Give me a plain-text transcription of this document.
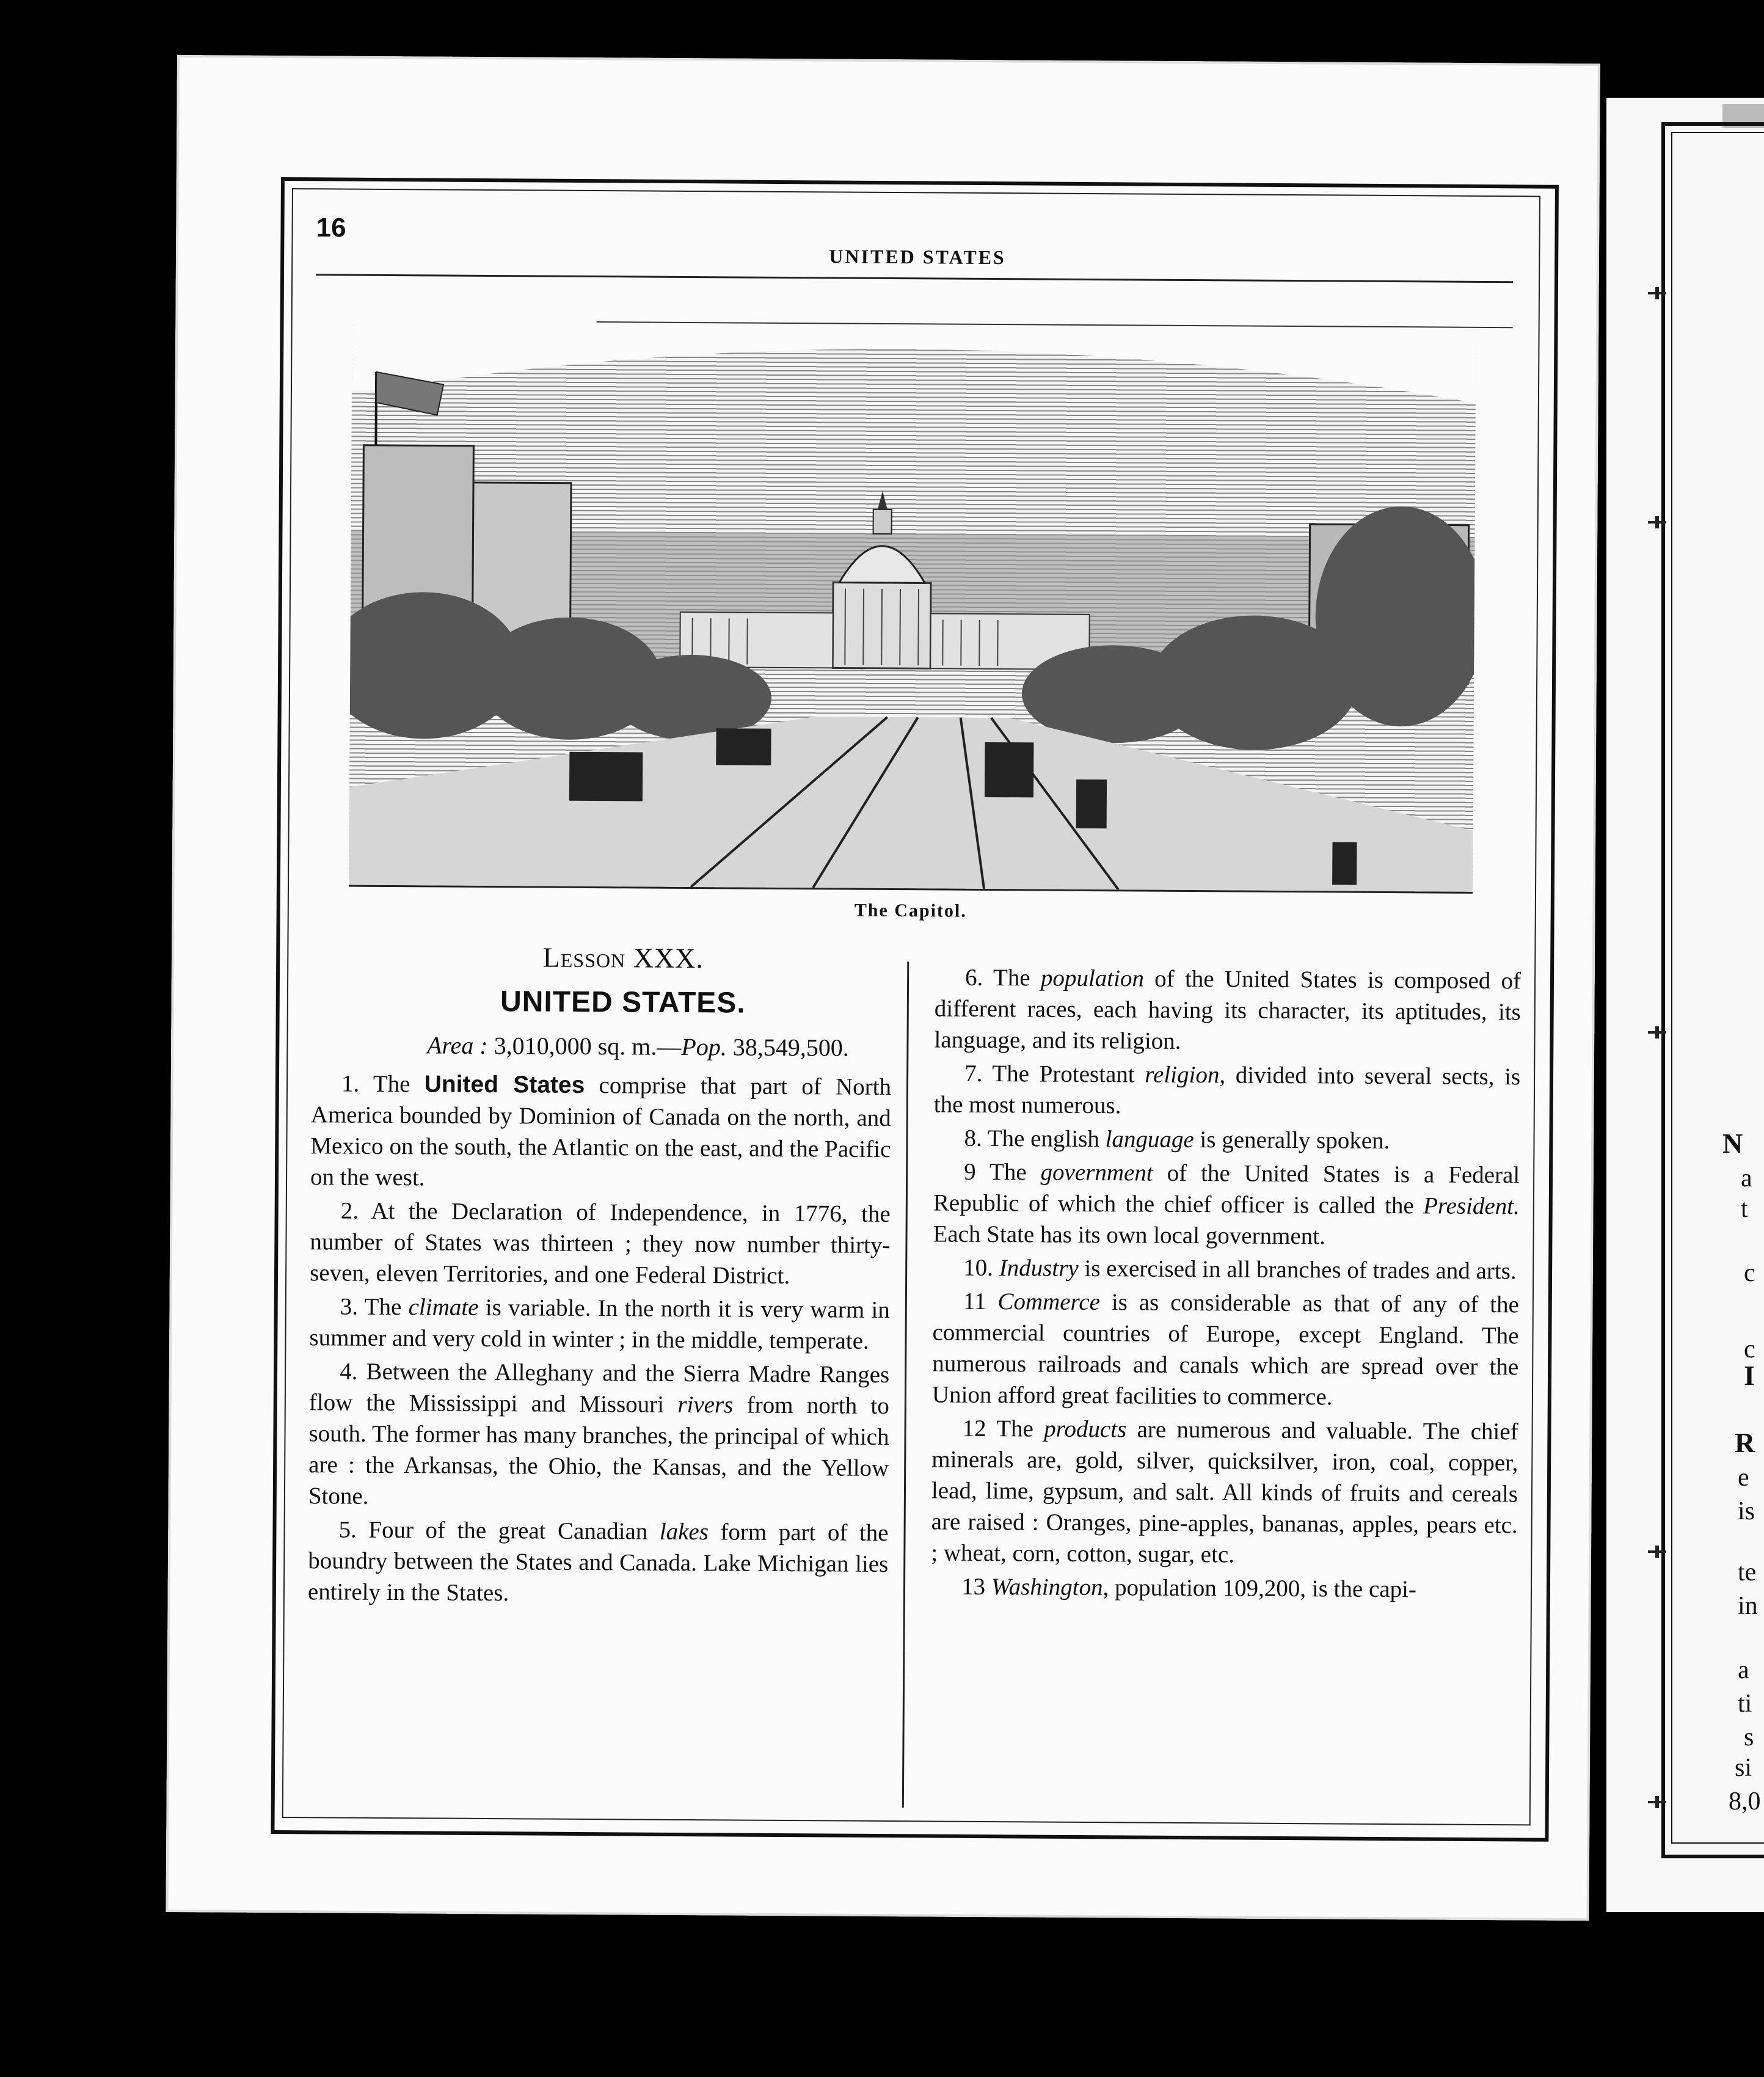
N
a
t
c
c
I
R
e
is
te
in
a
ti
s
si
8,0
16
UNITED STATES
The Capitol.
Lesson XXX.
UNITED STATES.
Area : 3,010,000 sq. m.—Pop. 38,549,500.

1. The United States comprise that part of North America bounded by Dominion of Canada on the north, and Mexico on the south, the Atlantic on the east, and the Pacific on the west.

2. At the Declaration of Independence, in 1776, the number of States was thirteen ; they now number thirty-seven, eleven Territories, and one Federal District.

3. The climate is variable. In the north it is very warm in summer and very cold in winter ; in the middle, temperate.

4. Between the Alleghany and the Sierra Madre Ranges flow the Mississippi and Missouri rivers from north to south. The former has many branches, the principal of which are : the Arkansas, the Ohio, the Kansas, and the Yellow Stone.

5. Four of the great Canadian lakes form part of the boundry between the States and Canada. Lake Michigan lies entirely in the States.

6. The population of the United States is composed of different races, each having its character, its aptitudes, its language, and its religion.

7. The Protestant religion, divided into several sects, is the most numerous.

8. The english language is generally spoken.

9 The government of the United States is a Federal Republic of which the chief officer is called the President. Each State has its own local government.

10. Industry is exercised in all branches of trades and arts.

11 Commerce is as considerable as that of any of the commercial countries of Europe, except England. The numerous railroads and canals which are spread over the Union afford great facilities to commerce.

12 The products are numerous and valuable. The chief minerals are, gold, silver, quicksilver, iron, coal, copper, lead, lime, gypsum, and salt. All kinds of fruits and cereals are raised : Oranges, pine-apples, bananas, apples, pears etc. ; wheat, corn, cotton, sugar, etc.

13 Washington, population 109,200, is the capi-
